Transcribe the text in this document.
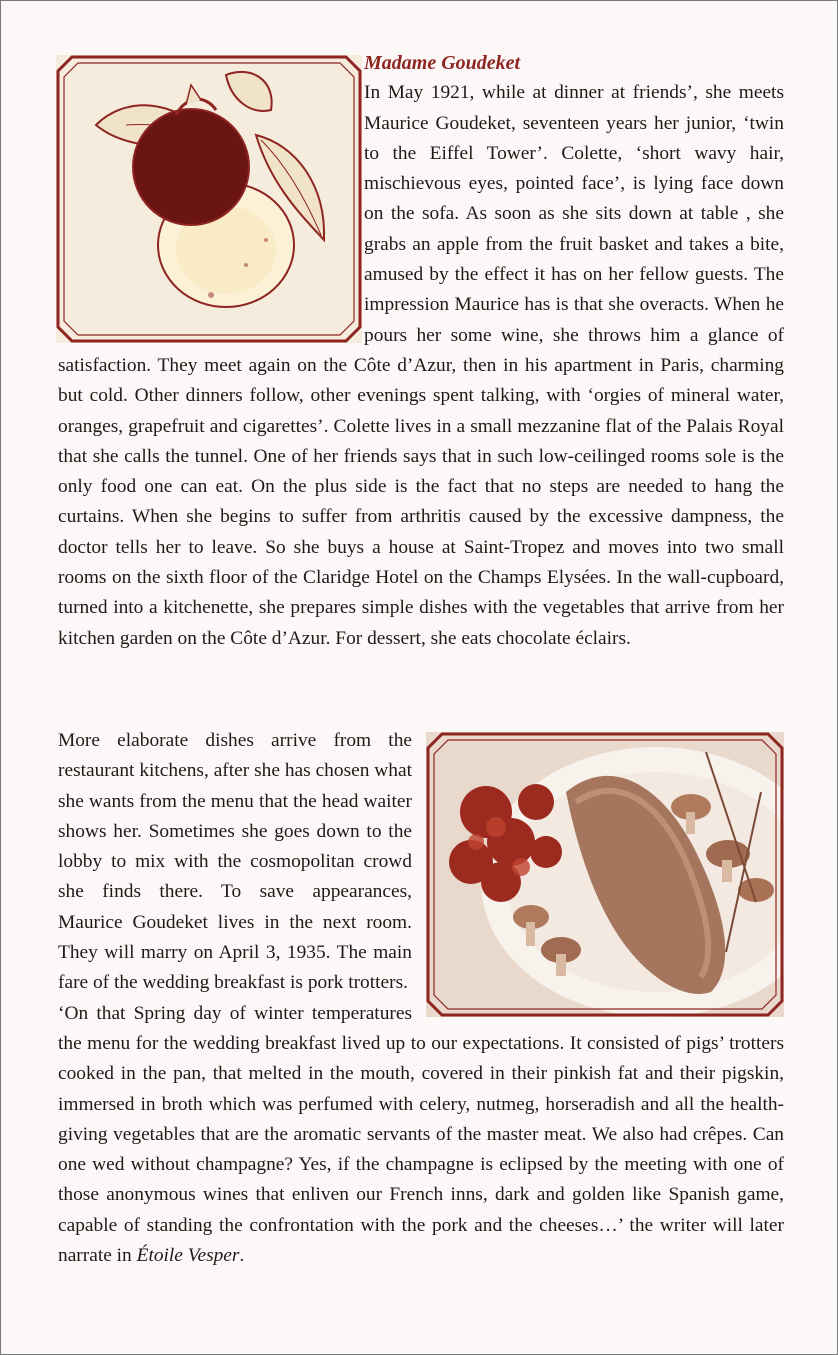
Madame Goudeket

In May 1921, while at dinner at friends’, she meets Maurice Goudeket, seventeen years her junior, ‘twin to the Eiffel Tower’. Colette, ‘short wavy hair, mischievous eyes, pointed face’, is lying face down on the sofa. As soon as she sits down at table , she grabs an apple from the fruit basket and takes a bite, amused by the effect it has on her fellow guests. The impression Maurice has is that she overacts. When he pours her some wine, she throws him a glance of satisfaction. They meet again on the Côte d’Azur, then in his apartment in Paris, charming but cold. Other dinners follow, other evenings spent talking, with ‘orgies of mineral water, oranges, grapefruit and cigarettes’. Colette lives in a small mezzanine flat of the Palais Royal that she calls the tunnel. One of her friends says that in such low-ceilinged rooms sole is the only food one can eat. On the plus side is the fact that no steps are needed to hang the curtains. When she begins to suffer from arthritis caused by the excessive dampness, the doctor tells her to leave. So she buys a house at Saint-Tropez and moves into two small rooms on the sixth floor of the Claridge Hotel on the Champs Elysées. In the wall-cupboard, turned into a kitchenette, she prepares simple dishes with the vegetables that arrive from her kitchen garden on the Côte d’Azur. For dessert, she eats chocolate éclairs.

More elaborate dishes arrive from the restaurant kitchens, after she has chosen what she wants from the menu that the head waiter shows her. Sometimes she goes down to the lobby to mix with the cosmopolitan crowd she finds there. To save appearances, Maurice Goudeket lives in the next room. They will marry on April 3, 1935. The main fare of the wedding breakfast is pork trotters.

‘On that Spring day of winter temperatures the menu for the wedding breakfast lived up to our expectations. It consisted of pigs’ trotters cooked in the pan, that melted in the mouth, covered in their pinkish fat and their pigskin, immersed in broth which was perfumed with celery, nutmeg, horseradish and all the health-giving vegetables that are the aromatic servants of the master meat. We also had crêpes. Can one wed without champagne? Yes, if the champagne is eclipsed by the meeting with one of those anonymous wines that enliven our French inns, dark and golden like Spanish game, capable of standing the confrontation with the pork and the cheeses…’ the writer will later narrate in Étoile Vesper.
